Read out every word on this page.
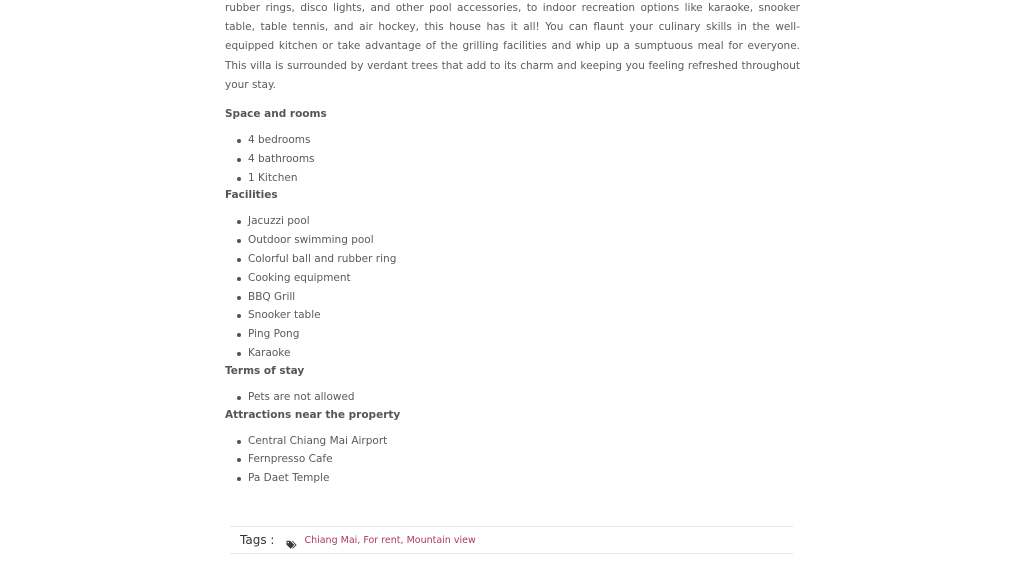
rubber rings, disco lights, and other pool accessories, to indoor recreation options like karaoke, snooker table, table tennis, and air hockey, this house has it all! You can flaunt your culinary skills in the well-equipped kitchen or take advantage of the grilling facilities and whip up a sumptuous meal for everyone. This villa is surrounded by verdant trees that add to its charm and keeping you feeling refreshed throughout your stay.

Space and rooms
4 bedrooms
4 bathrooms
1 Kitchen
Facilities
Jacuzzi pool
Outdoor swimming pool
Colorful ball and rubber ring
Cooking equipment
BBQ Grill
Snooker table
Ping Pong
Karaoke
Terms of stay
Pets are not allowed
Attractions near the property
Central Chiang Mai Airport
Fernpresso Cafe
Pa Daet Temple
Tags :	Chiang Mai, For rent, Mountain view
